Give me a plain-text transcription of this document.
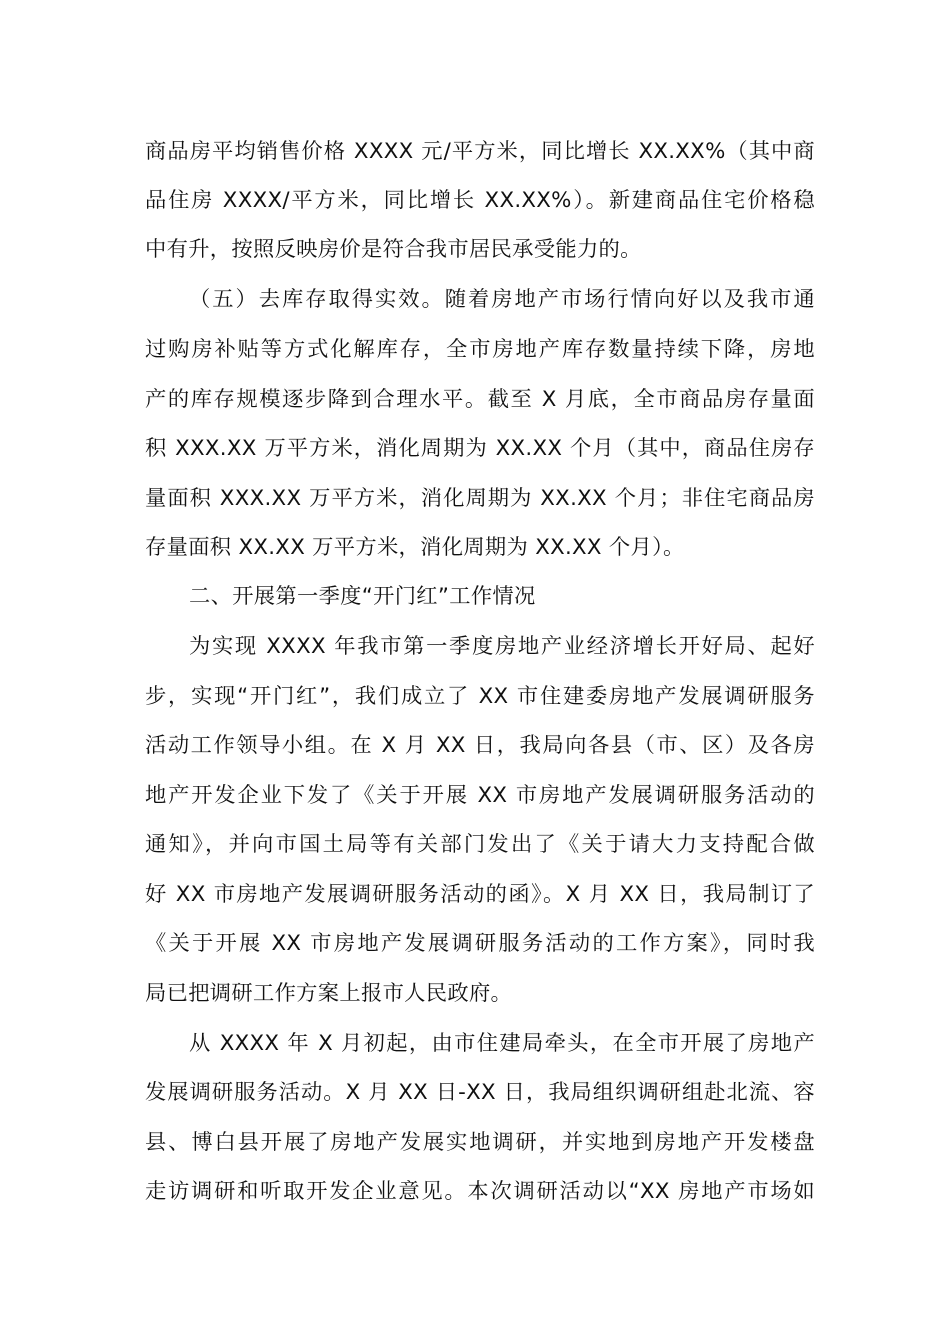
商品房平均销售价格 XXXX 元/平方米，同比增长 XX.XX%（其中商
品住房 XXXX/平方米，同比增长 XX.XX%）。新建商品住宅价格稳
中有升，按照反映房价是符合我市居民承受能力的。
（五）去库存取得实效。随着房地产市场行情向好以及我市通
过购房补贴等方式化解库存，全市房地产库存数量持续下降，房地
产的库存规模逐步降到合理水平。截至 X 月底，全市商品房存量面
积 XXX.XX 万平方米，消化周期为 XX.XX 个月（其中，商品住房存
量面积 XXX.XX 万平方米，消化周期为 XX.XX 个月；非住宅商品房
存量面积 XX.XX 万平方米，消化周期为 XX.XX 个月）。
二、开展第一季度“开门红”工作情况
为实现 XXXX 年我市第一季度房地产业经济增长开好局、起好
步，实现“开门红”，我们成立了 XX 市住建委房地产发展调研服务
活动工作领导小组。在 X 月 XX 日，我局向各县（市、区）及各房
地产开发企业下发了《关于开展 XX 市房地产发展调研服务活动的
通知》，并向市国土局等有关部门发出了《关于请大力支持配合做
好 XX 市房地产发展调研服务活动的函》。X 月 XX 日，我局制订了
《关于开展 XX 市房地产发展调研服务活动的工作方案》，同时我
局已把调研工作方案上报市人民政府。
从 XXXX 年 X 月初起，由市住建局牵头，在全市开展了房地产
发展调研服务活动。X 月 XX 日-XX 日，我局组织调研组赴北流、容
县、博白县开展了房地产发展实地调研，并实地到房地产开发楼盘
走访调研和听取开发企业意见。本次调研活动以“XX 房地产市场如
